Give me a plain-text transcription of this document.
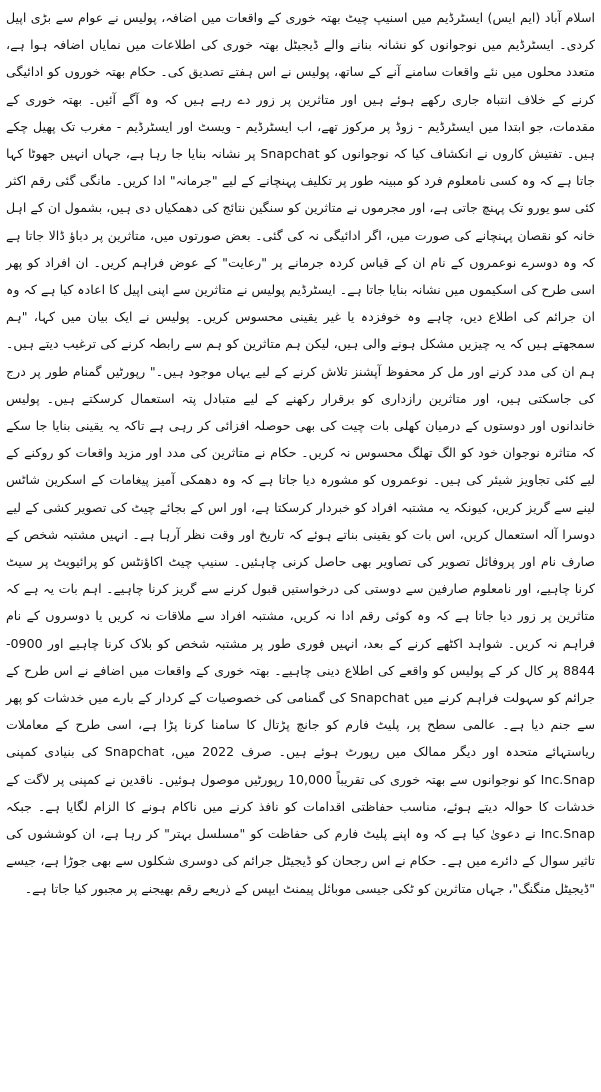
اسلام آباد (ایم ایس) ایسٹرڈیم میں اسنیپ چیٹ بھتہ خوری کے واقعات میں اضافہ، پولیس نے عوام سے بڑی اپیل کردی۔ ایسٹرڈیم میں نوجوانوں کو نشانہ بنانے والے ڈیجیٹل بھتہ خوری کی اطلاعات میں نمایاں اضافہ ہوا ہے، متعدد محلوں میں نئے واقعات سامنے آنے کے ساتھ، پولیس نے اس ہفتے تصدیق کی۔ حکام بھتہ خوروں کو ادائیگی کرنے کے خلاف انتباہ جاری رکھے ہوئے ہیں اور متاثرین پر زور دے رہے ہیں کہ وہ آگے آئیں۔ بھتہ خوری کے مقدمات، جو ابتدا میں ایسٹرڈیم - زوڈ پر مرکوز تھے، اب ایسٹرڈیم - ویسٹ اور ایسٹرڈیم - مغرب تک پھیل چکے ہیں۔ تفتیش کاروں نے انکشاف کیا کہ نوجوانوں کو Snapchat پر نشانہ بنایا جا رہا ہے، جہاں انہیں جھوٹا کہا جاتا ہے کہ وہ کسی نامعلوم فرد کو مبینہ طور پر تکلیف پہنچانے کے لیے "جرمانہ" ادا کریں۔ مانگی گئی رقم اکثر کئی سو یورو تک پہنچ جاتی ہے، اور مجرموں نے متاثرین کو سنگین نتائج کی دھمکیاں دی ہیں، بشمول ان کے اہل خانہ کو نقصان پہنچانے کی صورت میں، اگر ادائیگی نہ کی گئی۔ بعض صورتوں میں، متاثرین پر دباؤ ڈالا جاتا ہے کہ وہ دوسرے نوعمروں کے نام ان کے قیاس کردہ جرمانے پر "رعایت" کے عوض فراہم کریں۔ ان افراد کو پھر اسی طرح کی اسکیموں میں نشانہ بنایا جاتا ہے۔ ایسٹرڈیم پولیس نے متاثرین سے اپنی اپیل کا اعادہ کیا ہے کہ وہ ان جرائم کی اطلاع دیں، چاہے وہ خوفزدہ یا غیر یقینی محسوس کریں۔ پولیس نے ایک بیان میں کہا، "ہم سمجھتے ہیں کہ یہ چیزیں مشکل ہونے والی ہیں، لیکن ہم متاثرین کو ہم سے رابطہ کرنے کی ترغیب دیتے ہیں۔ ہم ان کی مدد کرنے اور مل کر محفوظ آپشنز تلاش کرنے کے لیے یہاں موجود ہیں۔" رپورٹیں گمنام طور پر درج کی جاسکتی ہیں، اور متاثرین رازداری کو برقرار رکھنے کے لیے متبادل پتہ استعمال کرسکتے ہیں۔ پولیس خاندانوں اور دوستوں کے درمیان کھلی بات چیت کی بھی حوصلہ افزائی کر رہی ہے تاکہ یہ یقینی بنایا جا سکے کہ متاثرہ نوجوان خود کو الگ تھلگ محسوس نہ کریں۔ حکام نے متاثرین کی مدد اور مزید واقعات کو روکنے کے لیے کئی تجاویز شیئر کی ہیں۔ نوعمروں کو مشورہ دیا جاتا ہے کہ وہ دھمکی آمیز پیغامات کے اسکرین شاٹس لینے سے گریز کریں، کیونکہ یہ مشتبہ افراد کو خبردار کرسکتا ہے، اور اس کے بجائے چیٹ کی تصویر کشی کے لیے دوسرا آلہ استعمال کریں، اس بات کو یقینی بناتے ہوئے کہ تاریخ اور وقت نظر آرہا ہے۔ انہیں مشتبہ شخص کے صارف نام اور پروفائل تصویر کی تصاویر بھی حاصل کرنی چاہئیں۔ سنیپ چیٹ اکاؤنٹس کو پرائیویٹ پر سیٹ کرنا چاہیے، اور نامعلوم صارفین سے دوستی کی درخواستیں قبول کرنے سے گریز کرنا چاہیے۔ اہم بات یہ ہے کہ متاثرین پر زور دیا جاتا ہے کہ وہ کوئی رقم ادا نہ کریں، مشتبہ افراد سے ملاقات نہ کریں یا دوسروں کے نام فراہم نہ کریں۔ شواہد اکٹھے کرنے کے بعد، انہیں فوری طور پر مشتبہ شخص کو بلاک کرنا چاہیے اور 0900-8844 پر کال کر کے پولیس کو واقعے کی اطلاع دینی چاہیے۔ بھتہ خوری کے واقعات میں اضافے نے اس طرح کے جرائم کو سہولت فراہم کرنے میں Snapchat کی گمنامی کی خصوصیات کے کردار کے بارے میں خدشات کو پھر سے جنم دیا ہے۔ عالمی سطح پر، پلیٹ فارم کو جانچ پڑتال کا سامنا کرنا پڑا ہے، اسی طرح کے معاملات ریاستہائے متحدہ اور دیگر ممالک میں رپورٹ ہوئے ہیں۔ صرف 2022 میں، Snapchat کی بنیادی کمپنی Inc.Snap کو نوجوانوں سے بھتہ خوری کی تقریباً 10,000 رپورٹیں موصول ہوئیں۔ ناقدین نے کمپنی پر لاگت کے خدشات کا حوالہ دیتے ہوئے، مناسب حفاظتی اقدامات کو نافذ کرنے میں ناکام ہونے کا الزام لگایا ہے۔ جبکہ Inc.Snap نے دعویٰ کیا ہے کہ وہ اپنے پلیٹ فارم کی حفاظت کو "مسلسل بہتر" کر رہا ہے، ان کوششوں کی تاثیر سوال کے دائرے میں ہے۔ حکام نے اس رجحان کو ڈیجیٹل جرائم کی دوسری شکلوں سے بھی جوڑا ہے، جیسے "ڈیجیٹل منگنگ"، جہاں متاثرین کو ٹکی جیسی موبائل پیمنٹ ایپس کے ذریعے رقم بھیجنے پر مجبور کیا جاتا ہے۔
